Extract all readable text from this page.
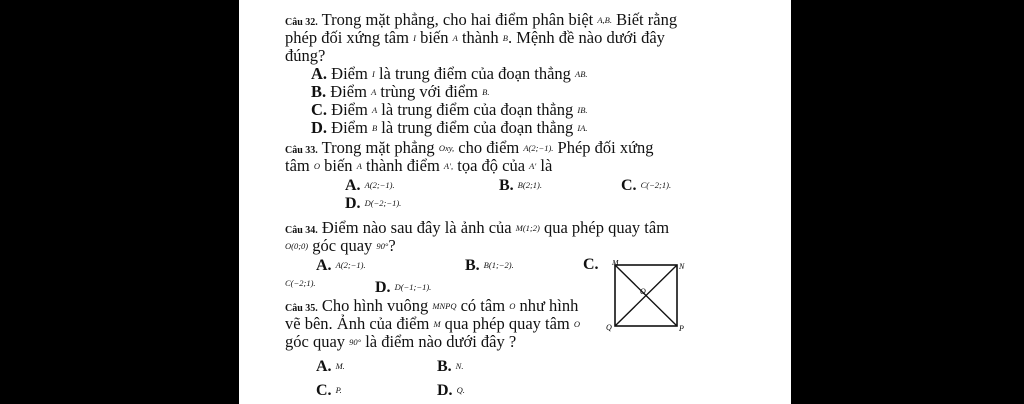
Câu 32. Trong mặt phẳng, cho hai điểm phân biệt A,B. Biết rằng
phép đối xứng tâm I biến A thành B. Mệnh đề nào dưới đây
đúng?
A. Điểm I là trung điểm của đoạn thẳng AB.
B. Điểm A trùng với điểm B.
C. Điểm A là trung điểm của đoạn thẳng IB.
D. Điểm B là trung điểm của đoạn thẳng IA.
Câu 33. Trong mặt phẳng Oxy, cho điểm A(2;−1). Phép đối xứng
tâm O biến A thành điểm A′, tọa độ của A′ là
A. A(2;−1).	B. B(2;1).	C. C(−2;1).
D. D(−2;−1).
Câu 34. Điểm nào sau đây là ảnh của M(1;2) qua phép quay tâm
O(0;0) góc quay 90°?
A. A(2;−1).	B. B(1;−2).	C.
C(−2;1).	D. D(−1;−1).
Câu 35. Cho hình vuông MNPQ có tâm O như hình
vẽ bên. Ảnh của điểm M qua phép quay tâm O
góc quay 90° là điểm nào dưới đây ?
A. M.	B. N.
C. P.	D. Q.
M	N
P
Q
O
